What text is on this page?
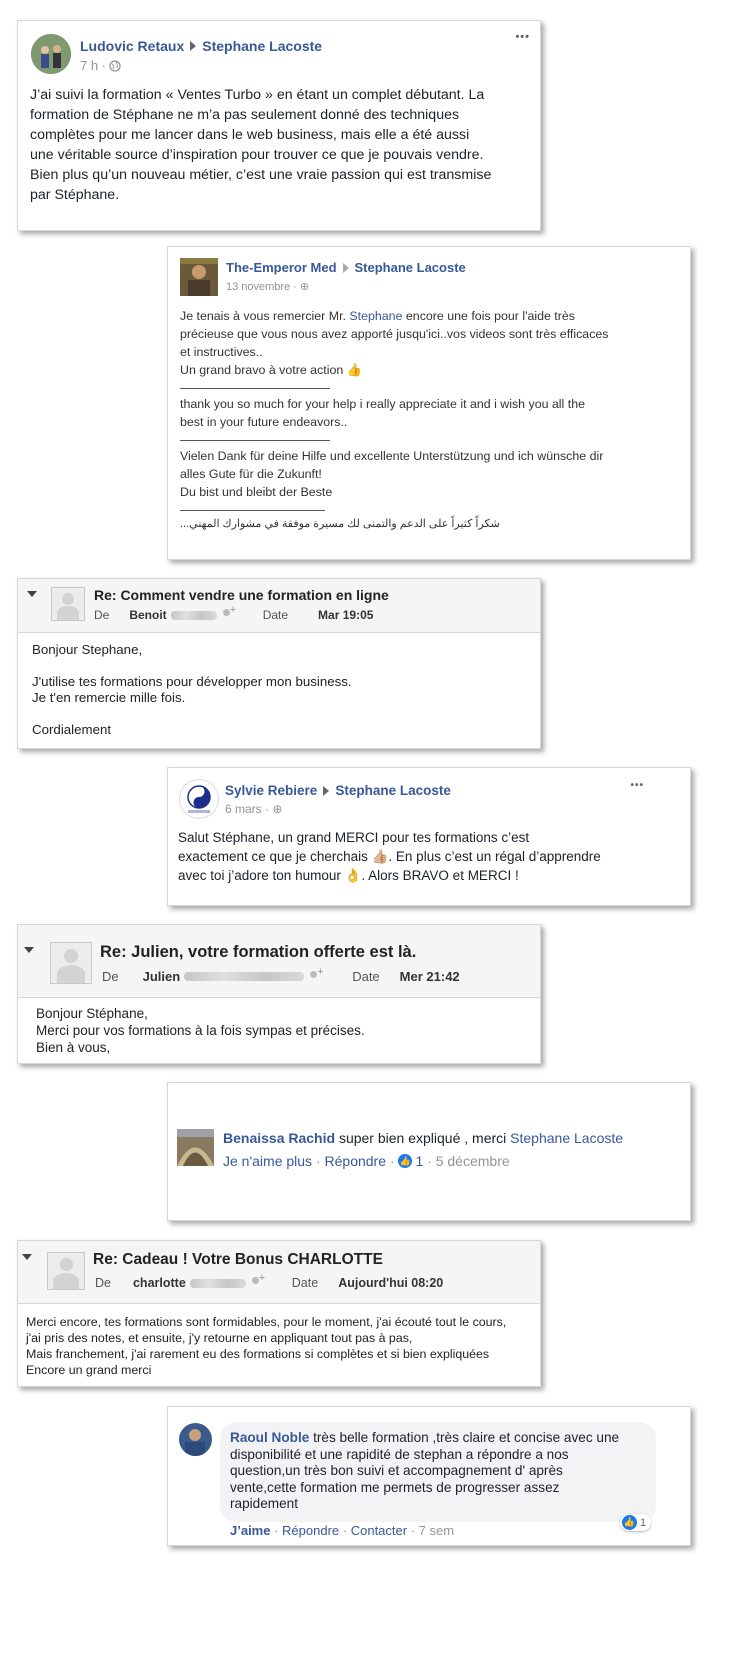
Ludovic Retaux Stephane Lacoste
7 h ·
•••
J’ai suivi la formation « Ventes Turbo » en étant un complet débutant. La
formation de Stéphane ne m’a pas seulement donné des techniques
complètes pour me lancer dans le web business, mais elle a été aussi
une véritable source d’inspiration pour trouver ce que je pouvais vendre.
Bien plus qu’un nouveau métier, c’est une vraie passion qui est transmise
par Stéphane.
The-Emperor Med Stephane Lacoste
13 novembre · ⊕
Je tenais à vous remercier Mr. Stephane encore une fois pour l'aide très
précieuse que vous nous avez apporté jusqu'ici..vos videos sont très efficaces
et instructives..
Un grand bravo à votre action 👍
thank you so much for your help i really appreciate it and i wish you all the
best in your future endeavors..
Vielen Dank für deine Hilfe und excellente Unterstützung und ich wünsche dir
alles Gute für die Zukunft!
Du bist und bleibt der Beste
...شكراً كثيراً على الدعم والتمنى لك مسيرة موفقة في مشوارك المهني
Re: Comment vendre une formation en ligne
De Benoit +	Date	Mar 19:05
Bonjour Stephane,
J'utilise tes formations pour développer mon business.
Je t'en remercie mille fois.
Cordialement
Sylvie Rebiere Stephane Lacoste
6 mars · ⊕
•••
Salut Stéphane, un grand MERCI pour tes formations c’est
exactement ce que je cherchais 👍🏼. En plus c’est un régal d’apprendre
avec toi j’adore ton humour 👌. Alors BRAVO et MERCI !
Re: Julien, votre formation offerte est là.
De Julien +	Date Mer 21:42
Bonjour Stéphane,
Merci pour vos formations à la fois sympas et précises.
Bien à vous,
Benaissa Rachid super bien expliqué , merci Stephane Lacoste
Je n'aime plus · Répondre · 👍 1 · 5 décembre
Re: Cadeau ! Votre Bonus CHARLOTTE
De charlotte +	Date Aujourd'hui 08:20
Merci encore, tes formations sont formidables, pour le moment, j'ai écouté tout le cours,
j'ai pris des notes, et ensuite, j'y retourne en appliquant tout pas à pas,
Mais franchement, j'ai rarement eu des formations si complètes et si bien expliquées
Encore un grand merci
Raoul Noble très belle formation ,très claire et concise avec une
disponibilité et une rapidité de stephan a répondre a nos
question,un très bon suivi et accompagnement d' après
vente,cette formation me permets de progresser assez
rapidement
👍 1
J’aime · Répondre · Contacter · 7 sem
